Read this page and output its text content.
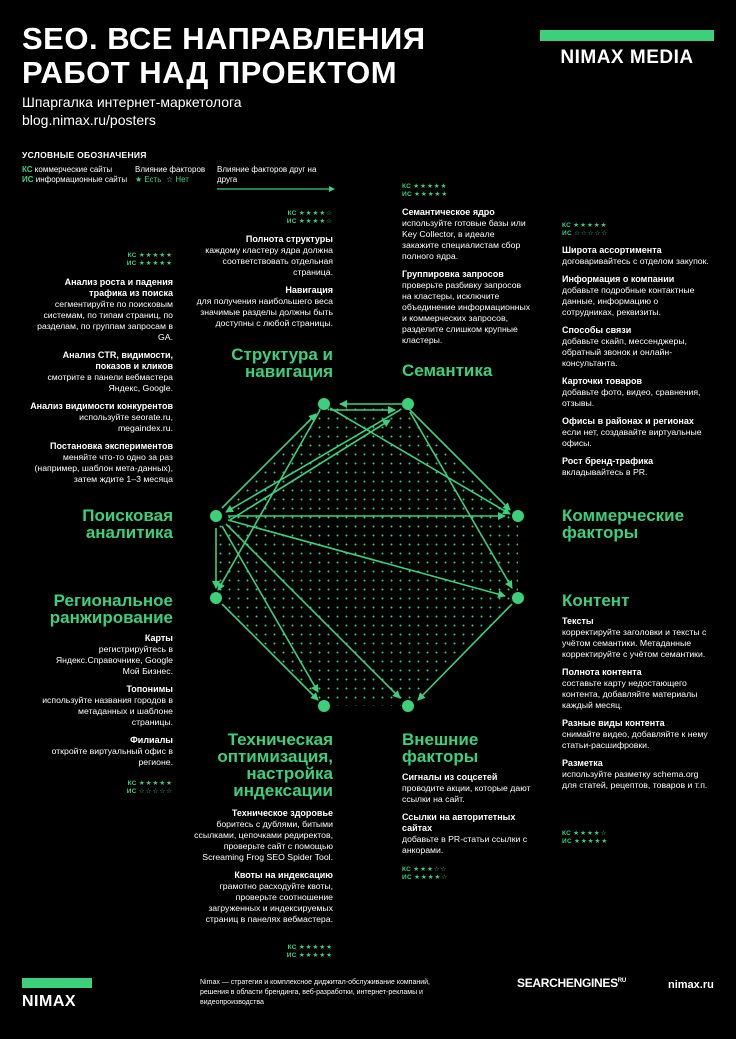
SEO. ВСЕ НАПРАВЛЕНИЯ
РАБОТ НАД ПРОЕКТОМ
Шпаргалка интернет-маркетолога
blog.nimax.ru/posters
NIMAX MEDIA
УСЛОВНЫЕ ОБОЗНАЧЕНИЯ
КС коммерческие сайты
ИС информационные сайты
Влияние факторов
★ Есть ☆ Нет
Влияние факторов друг на друга
КС ★★★★☆
ИС ★★★★☆
Полнота структуры
каждому кластеру ядра должна соответствовать отдельная страница.
Навигация
для получения наибольшего веса значимые разделы должны быть доступны с любой страницы.
Структура и
навигация
КС ★★★★★
ИС ★★★★★
Семантическое ядро
используйте готовые базы или Key Collector, в идеале закажите специалистам сбор полного ядра.
Группировка запросов
проверьте разбивку запросов на кластеры, исключите объединение информационных и коммерческих запросов, разделите слишком крупные кластеры.
Семантика
КС ★★★★★
ИС ★★★★★
Анализ роста и падения трафика из поиска
сегментируйте по поисковым системам, по типам страниц, по разделам, по группам запросам в GA.
Анализ CTR, видимости, показов и кликов
смотрите в панели вебмастера Яндекс, Google.
Анализ видимости конкурентов
используйте seorate.ru, megaindex.ru.
Постановка экспериментов
меняйте что-то одно за раз (например, шаблон мета-данных), затем ждите 1–3 месяца
Поисковая
аналитика
КС ★★★★★
ИС ☆☆☆☆☆
Широта ассортимента
договаривайтесь с отделом закупок.
Информация о компании
добавьте подробные контактные данные, информацию о сотрудниках, реквизиты.
Способы связи
добавьте скайп, мессенджеры, обратный звонок и онлайн-консультанта.
Карточки товаров
добавьте фото, видео, сравнения, отзывы.
Офисы в районах и регионах
если нет, создавайте виртуальные офисы.
Рост бренд-трафика
вкладывайтесь в PR.
Коммерческие
факторы
Региональное
ранжирование
Карты
регистрируйтесь в Яндекс.Справочнике, Google Мой Бизнес.
Топонимы
используйте названия городов в метаданных и шаблоне страницы.
Филиалы
откройте виртуальный офис в регионе.
КС ★★★★★
ИС ☆☆☆☆☆
Контент
Тексты
корректируйте заголовки и тексты с учётом семантики. Метаданные корректируйте с учётом семантики.
Полнота контента
составьте карту недостающего контента, добавляйте материалы каждый месяц.
Разные виды контента
снимайте видео, добавляйте к нему статьи-расшифровки.
Разметка
используйте разметку schema.org для статей, рецептов, товаров и т.п.
КС ★★★★☆
ИС ★★★★★
Техническая
оптимизация,
настройка
индексации
Техническое здоровье
боритесь с дублями, битыми ссылками, цепочками редиректов, проверьте сайт с помощью Screaming Frog SEO Spider Tool.
Квоты на индексацию
грамотно расходуйте квоты, проверьте соотношение загруженных и индексируемых страниц в панелях вебмастера.
КС ★★★★★
ИС ★★★★★
Внешние
факторы
Сигналы из соцсетей
проводите акции, которые дают ссылки на сайт.
Ссылки на авторитетных сайтах
добавьте в PR-статьи ссылки с анкорами.
КС ★★★☆☆
ИС ★★★★☆
NIMAX
Nimax — стратегия и комплексное диджитал-обслуживание компаний, решения в области брендинга, веб-разработки, интернет-рекламы и видеопроизводства
$SEARCHENGINES^{RU}$	nimax.ru
